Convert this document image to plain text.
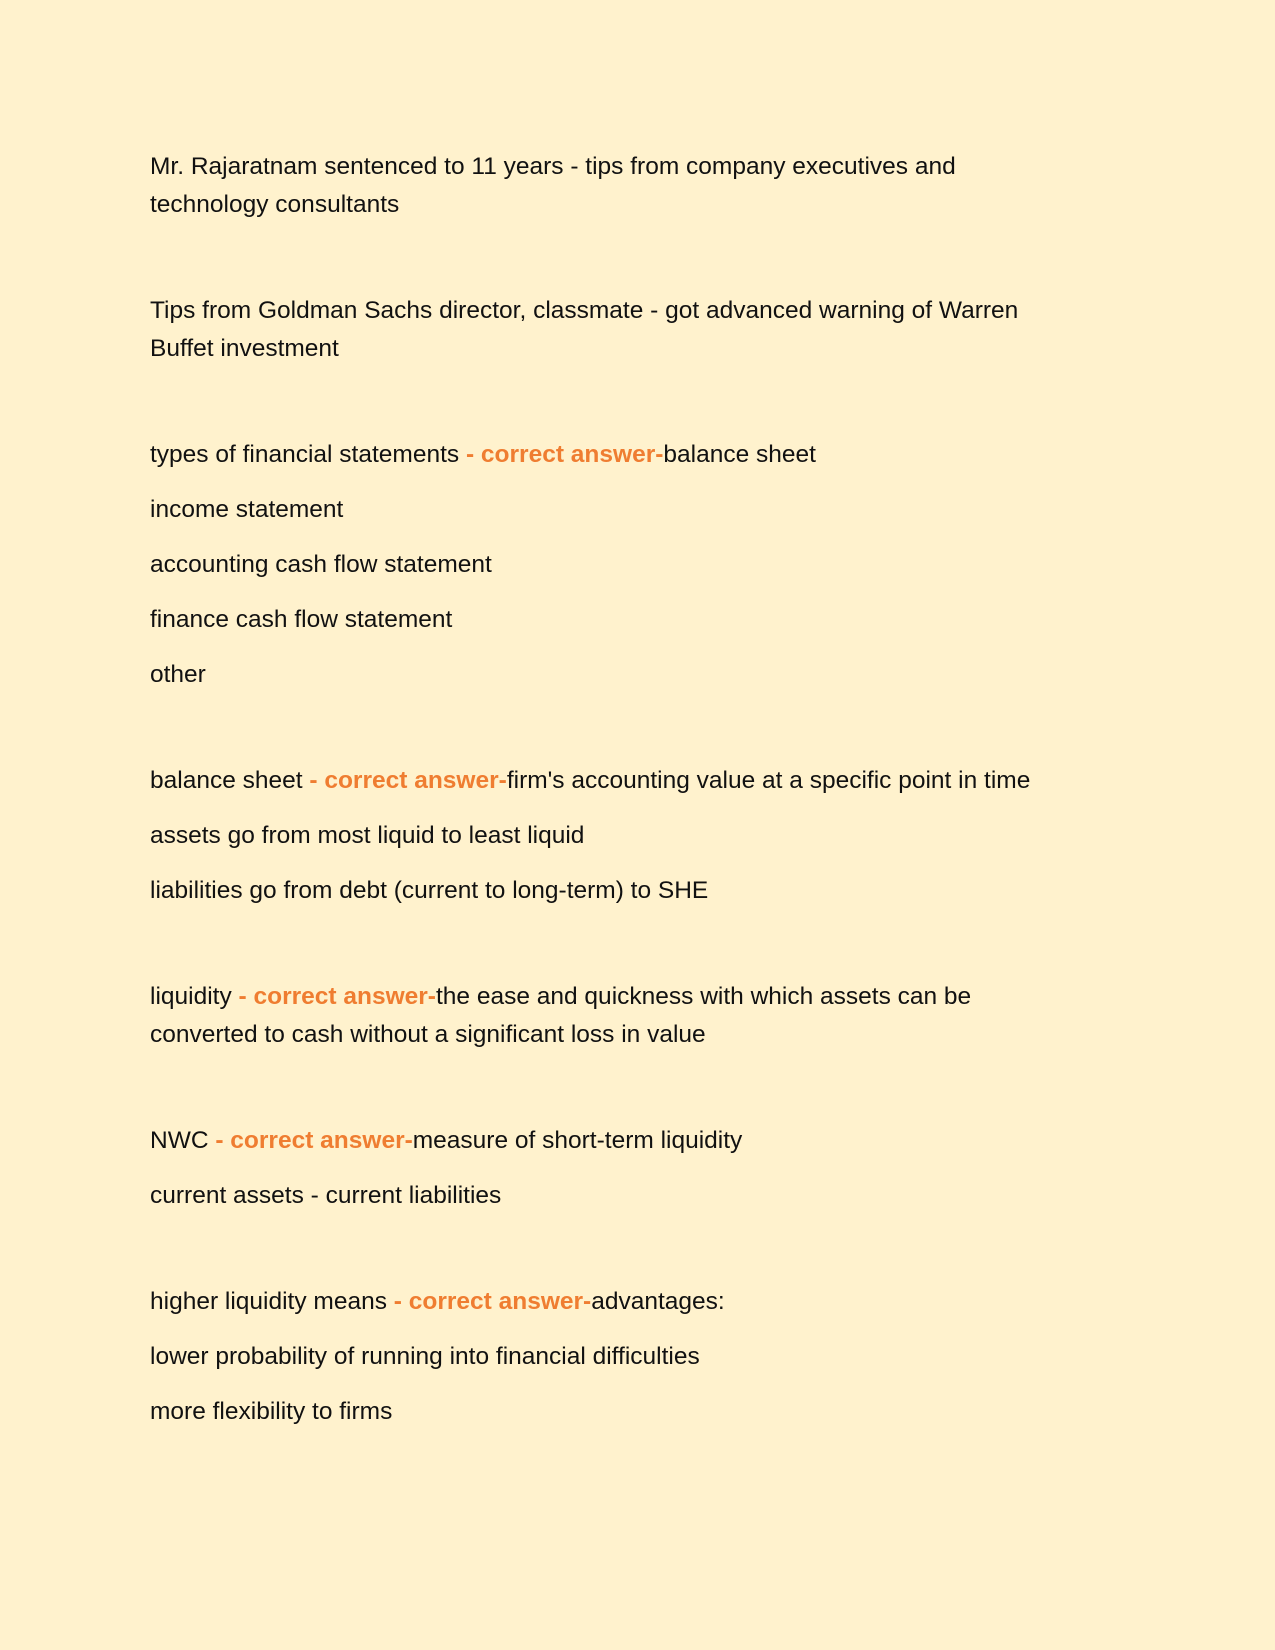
Mr. Rajaratnam sentenced to 11 years - tips from company executives and technology consultants

Tips from Goldman Sachs director, classmate - got advanced warning of Warren Buffet investment

types of financial statements - correct answer-balance sheet
income statement
accounting cash flow statement
finance cash flow statement
other
balance sheet - correct answer-firm's accounting value at a specific point in time
assets go from most liquid to least liquid
liabilities go from debt (current to long-term) to SHE

liquidity - correct answer-the ease and quickness with which assets can be converted to cash without a significant loss in value

NWC - correct answer-measure of short-term liquidity
current assets - current liabilities
higher liquidity means - correct answer-advantages:
lower probability of running into financial difficulties
more flexibility to firms
